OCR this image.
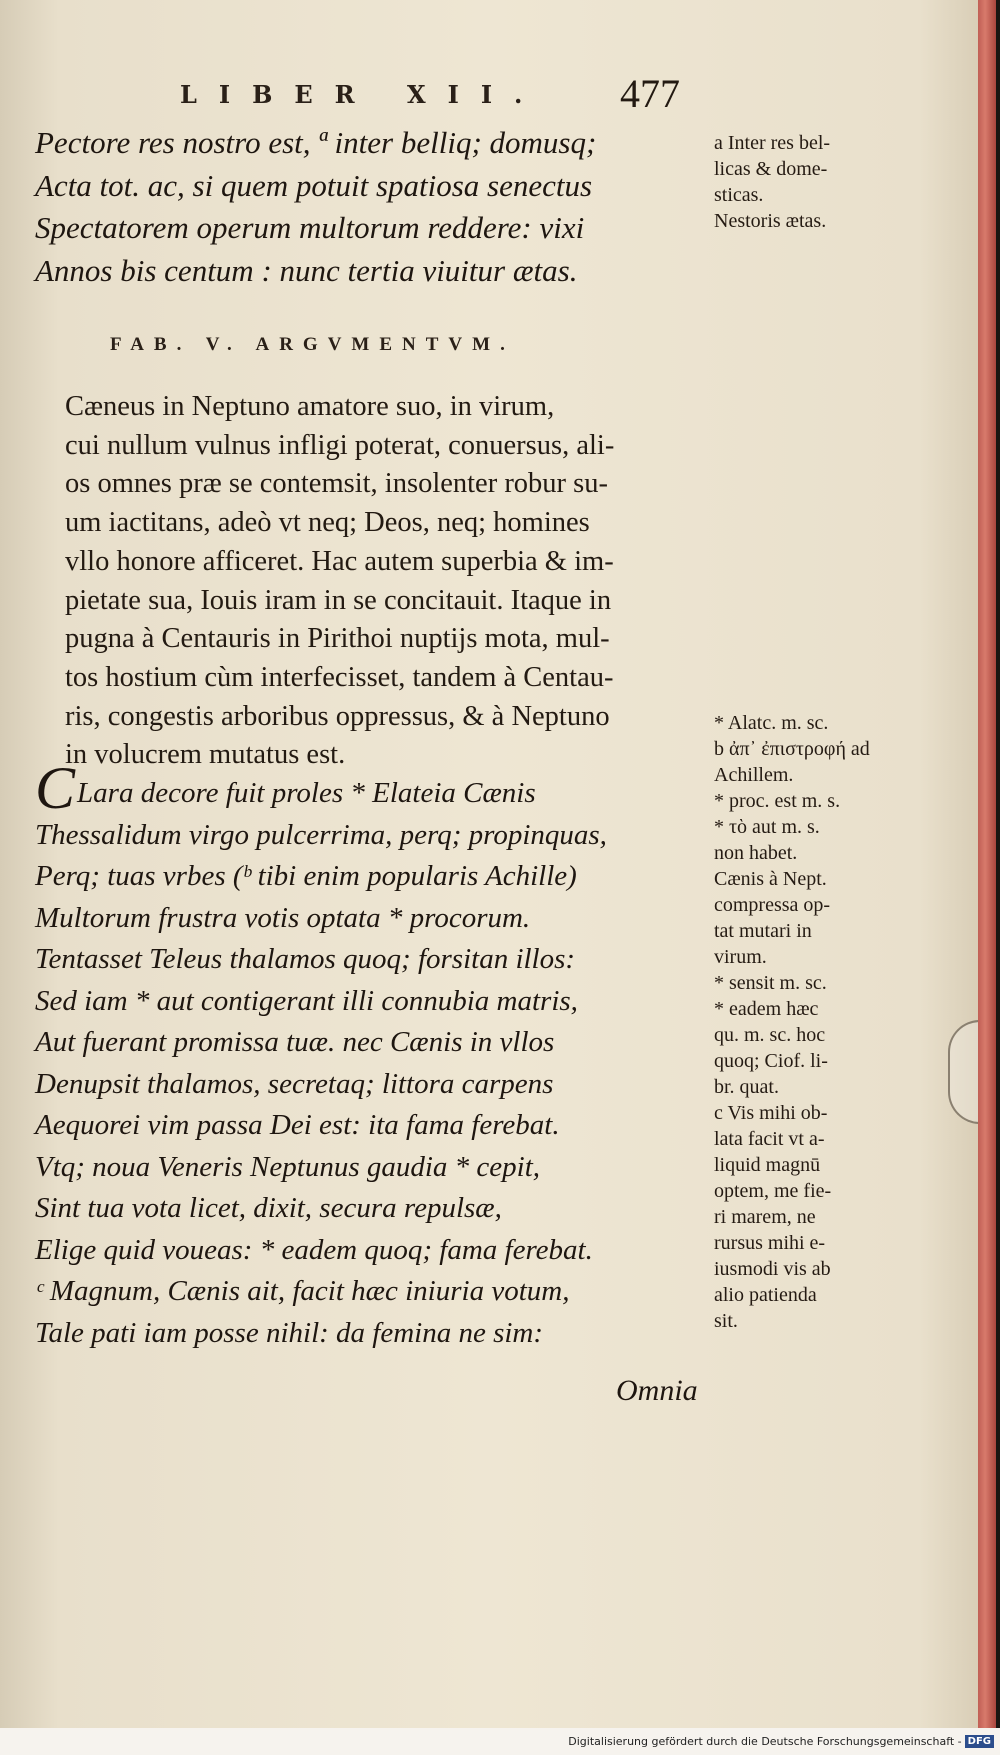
LIBER XII. 477
Pectore res nostro est, ª inter belliq; domusq;
Acta tot. ac, si quem potuit spatiosa senectus
Spectatorem operum multorum reddere: vixi
Annos bis centum : nunc tertia viuitur ætas.
a Inter res bel-
licas & dome-
sticas.
Nestoris ætas.
FAB. V. ARGVMENTVM.
Cæneus in Neptuno amatore suo, in virum,
cui nullum vulnus infligi poterat, conuersus, ali-
os omnes præ se contemsit, insolenter robur su-
um iactitans, adeò vt neq; Deos, neq; homines
vllo honore afficeret. Hac autem superbia & im-
pietate sua, Iouis iram in se concitauit. Itaque in
pugna à Centauris in Pirithoi nuptijs mota, mul-
tos hostium cùm interfecisset, tandem à Centau-
ris, congestis arboribus oppressus, & à Neptuno
in volucrem mutatus est.
CLara decore fuit proles * Elateia Cænis
Thessalidum virgo pulcerrima, perq; propinquas,
Perq; tuas vrbes (ᵇ tibi enim popularis Achille)
Multorum frustra votis optata * procorum.
Tentasset Teleus thalamos quoq; forsitan illos:
Sed iam * aut contigerant illi connubia matris,
Aut fuerant promissa tuæ. nec Cænis in vllos
Denupsit thalamos, secretaq; littora carpens
Aequorei vim passa Dei est: ita fama ferebat.
Vtq; noua Veneris Neptunus gaudia * cepit,
Sint tua vota licet, dixit, secura repulsæ,
Elige quid voueas: * eadem quoq; fama ferebat.
ᶜ Magnum, Cænis ait, facit hæc iniuria votum,
Tale pati iam posse nihil: da femina ne sim:
Omnia
* Alatc. m. sc.
b ἀπ᾽ ἐπιστροφή ad
Achillem.
* proc. est m. s.
* τὸ aut m. s.
non habet.
Cænis à Nept.
compressa op-
tat mutari in
virum.
* sensit m. sc.
* eadem hæc
qu. m. sc. hoc
quoq; Ciof. li-
br. quat.
c Vis mihi ob-
lata facit vt a-
liquid magnū
optem, me fie-
ri marem, ne
rursus mihi e-
iusmodi vis ab
alio patienda
sit.
Digitalisierung gefördert durch die Deutsche Forschungsgemeinschaft - DFG
